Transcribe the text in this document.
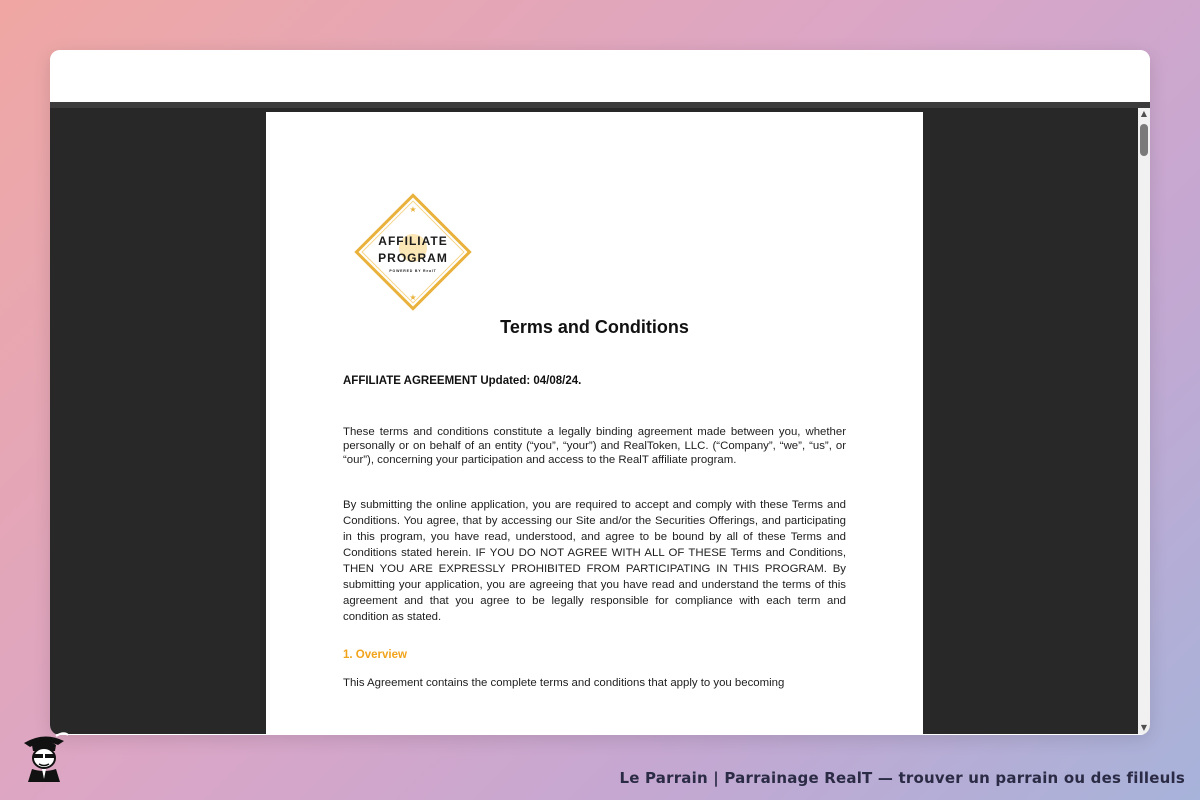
★
★
AFFILIATE
PROGRAM
POWERED BY RealT
Terms and Conditions
AFFILIATE AGREEMENT Updated: 04/08/24.
These terms and conditions constitute a legally binding agreement made between you, whether personally or on behalf of an entity (“you”, “your”) and RealToken, LLC. (“Company”, “we”, “us”, or “our”), concerning your participation and access to the RealT affiliate program.
By submitting the online application, you are required to accept and comply with these Terms and Conditions. You agree, that by accessing our Site and/or the Securities Offerings, and participating in this program, you have read, understood, and agree to be bound by all of these Terms and Conditions stated herein. IF YOU DO NOT AGREE WITH ALL OF THESE Terms and Conditions, THEN YOU ARE EXPRESSLY PROHIBITED FROM PARTICIPATING IN THIS PROGRAM. By submitting your application, you are agreeing that you have read and understand the terms of this agreement and that you agree to be legally responsible for compliance with each term and condition as stated.
1. Overview
This Agreement contains the complete terms and conditions that apply to you becoming
▲
▼
Le Parrain | Parrainage RealT — trouver un parrain ou des filleuls
